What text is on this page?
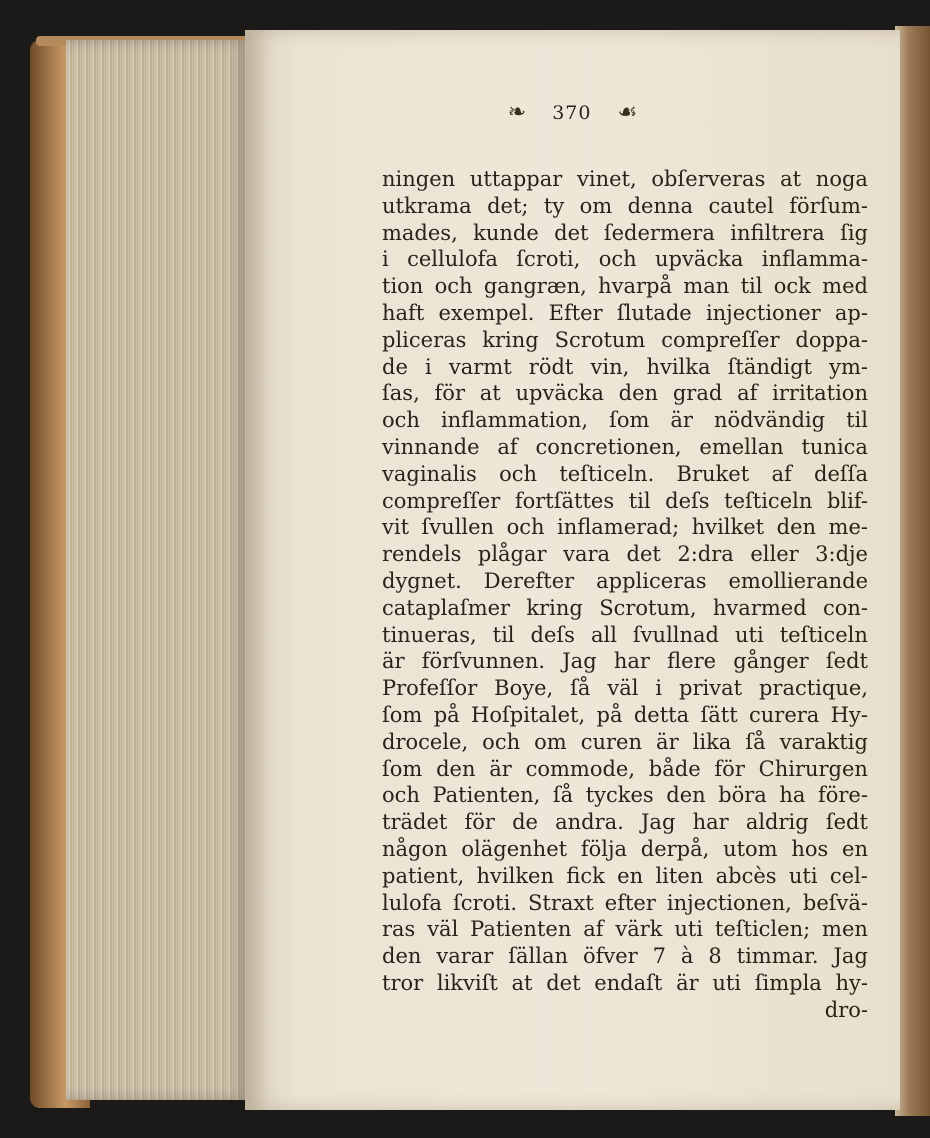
❧ 370 ☙
ningen uttappar vinet, obſerveras at noga
utkrama det; ty om denna cautel förſum-
mades, kunde det ſedermera infiltrera ſig
i cellulofa ſcroti, och upväcka inflamma-
tion och gangræn, hvarpå man til ock med
haft exempel. Efter ſlutade injectioner ap-
pliceras kring Scrotum compreſſer doppa-
de i varmt rödt vin, hvilka ſtändigt ym-
ſas, för at upväcka den grad af irritation
och inflammation, ſom är nödvändig til
vinnande af concretionen, emellan tunica
vaginalis och teſticeln. Bruket af deſſa
compreſſer fortſättes til deſs teſticeln blif-
vit ſvullen och inflamerad; hvilket den me-
rendels plågar vara det 2:dra eller 3:dje
dygnet. Derefter appliceras emollierande
cataplaſmer kring Scrotum, hvarmed con-
tinueras, til deſs all ſvullnad uti teſticeln
är förſvunnen. Jag har flere gånger ſedt
Profeſſor Boye, ſå väl i privat practique,
ſom på Hoſpitalet, på detta ſätt curera Hy-
drocele, och om curen är lika ſå varaktig
ſom den är commode, både för Chirurgen
och Patienten, ſå tyckes den böra ha före-
trädet för de andra. Jag har aldrig ſedt
någon olägenhet följa derpå, utom hos en
patient, hvilken fick en liten abcès uti cel-
lulofa ſcroti. Straxt efter injectionen, beſvä-
ras väl Patienten af värk uti teſticlen; men
den varar ſällan öfver 7 à 8 timmar. Jag
tror likviſt at det endaſt är uti ſimpla hy-
dro-
